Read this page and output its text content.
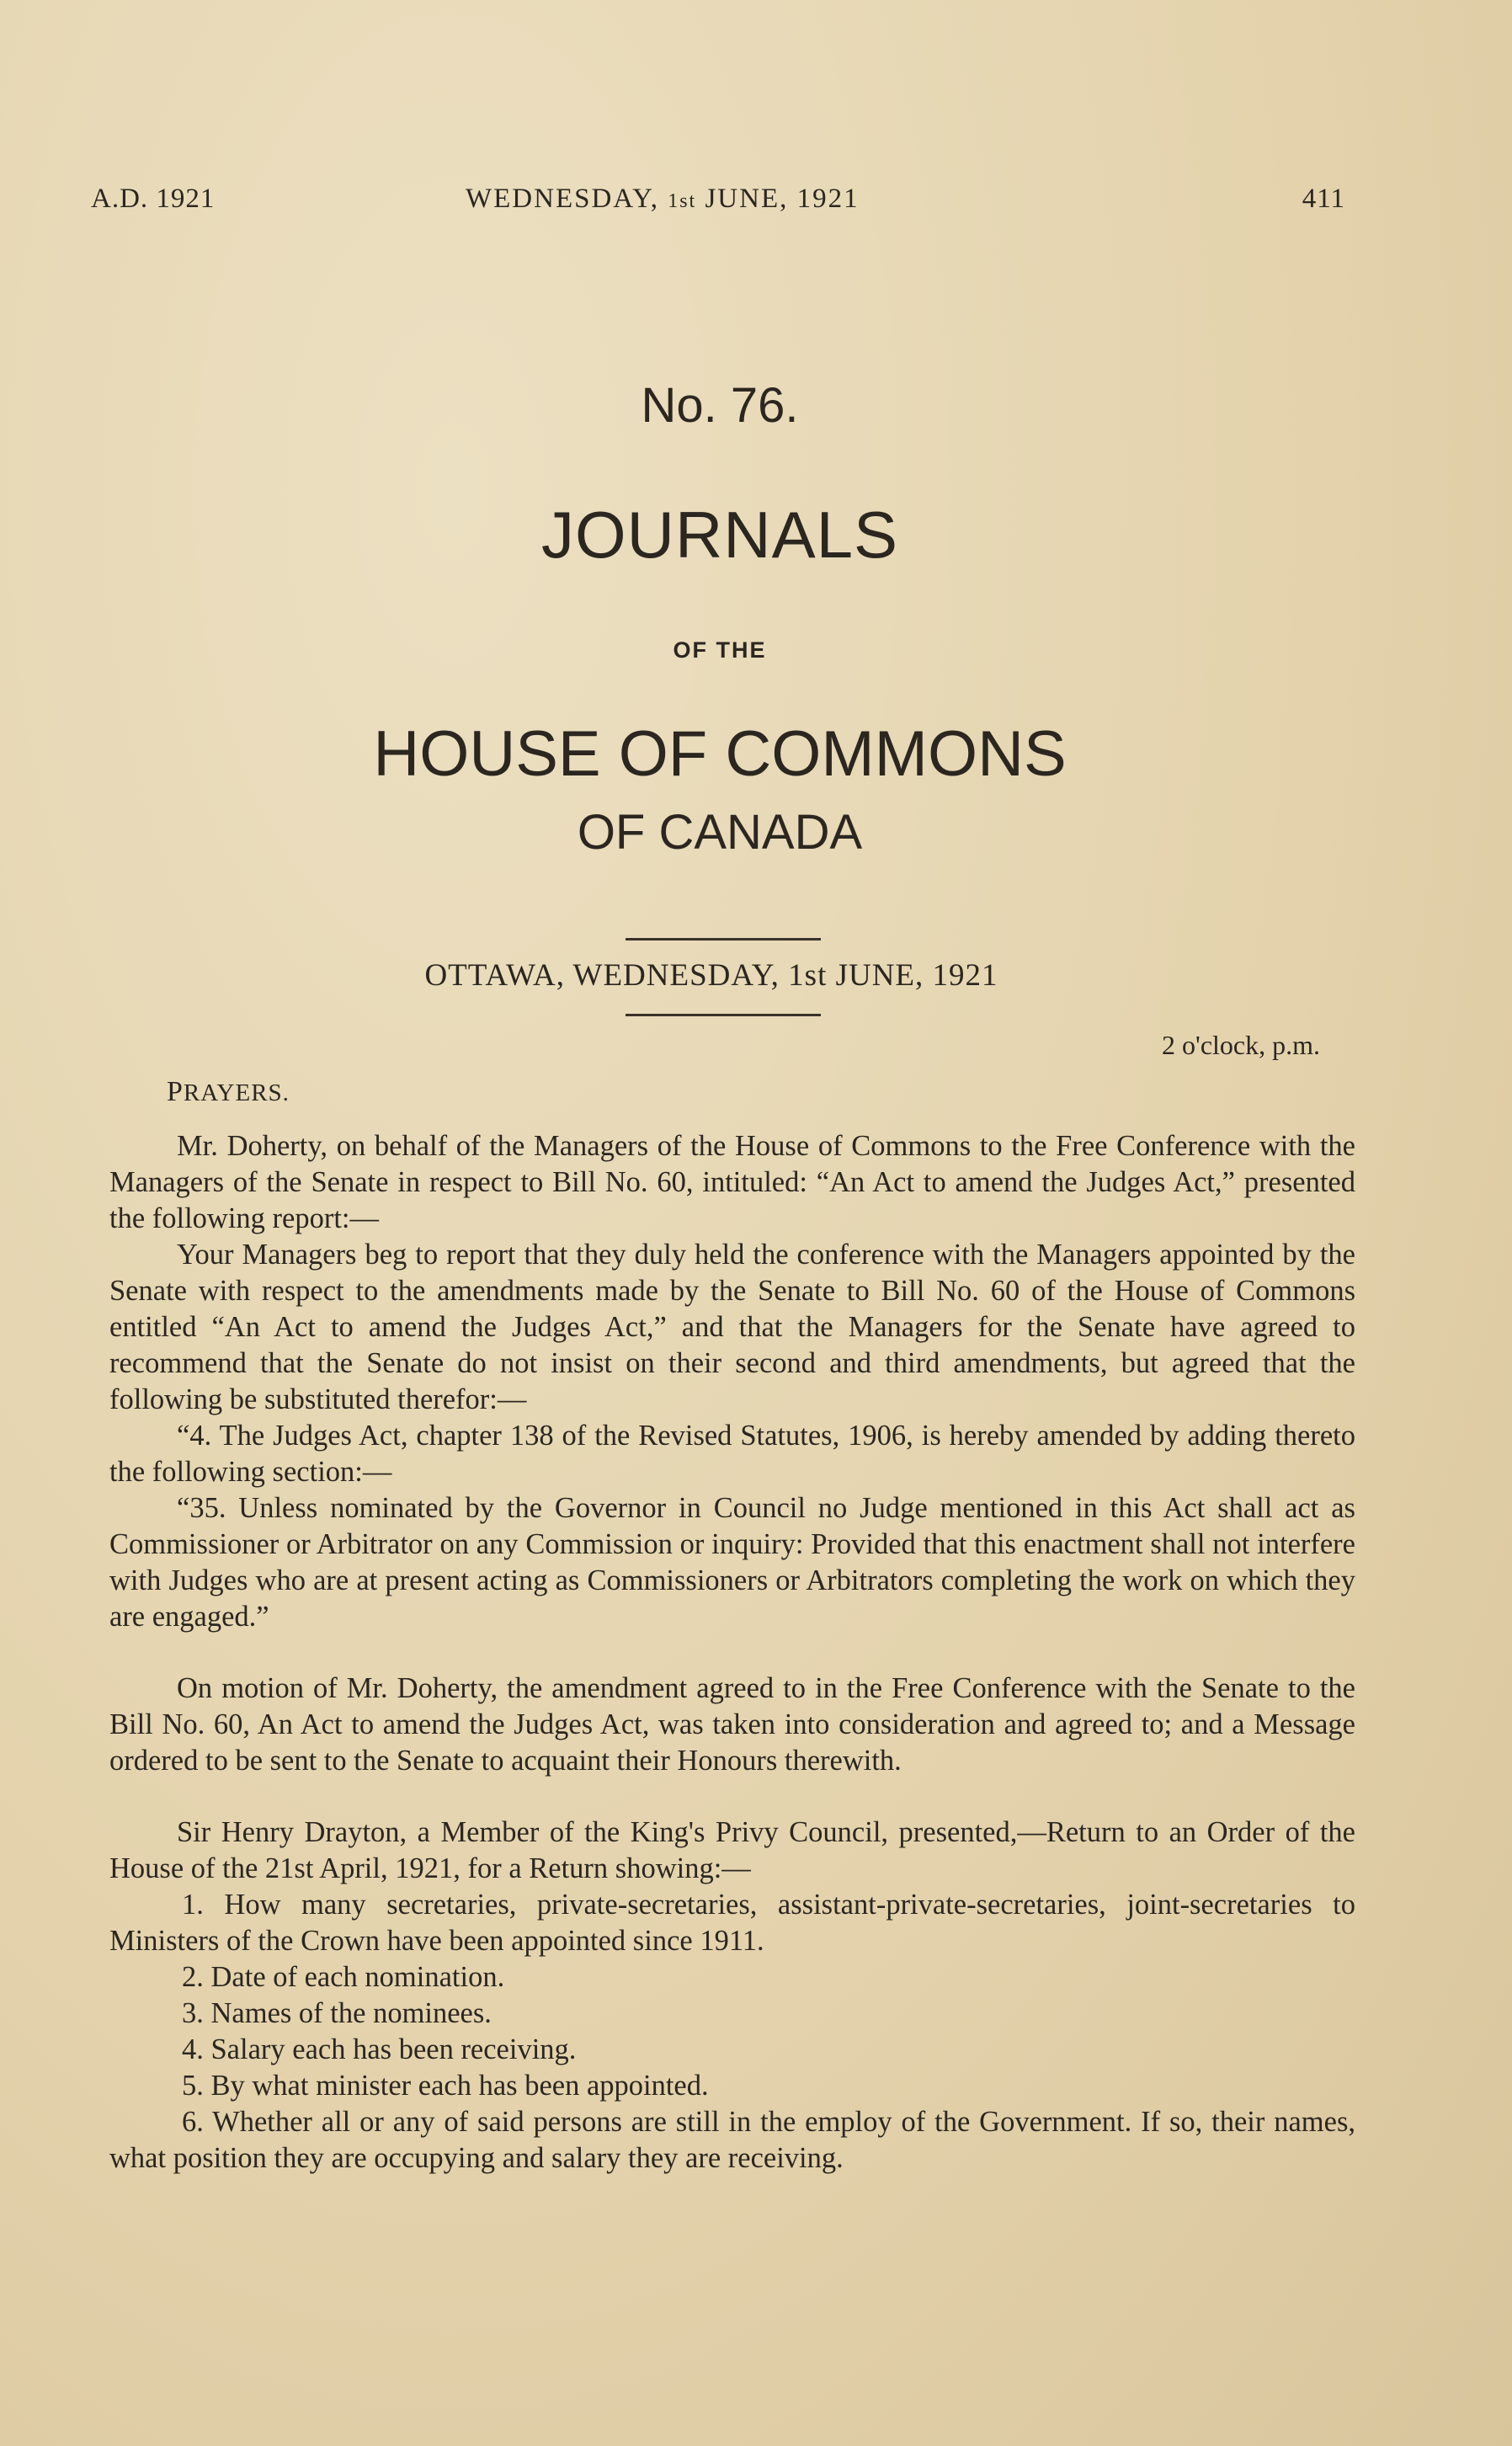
A.D. 1921	WEDNESDAY, 1st JUNE, 1921	411
No. 76.
JOURNALS
OF THE
HOUSE OF COMMONS
OF CANADA
OTTAWA, WEDNESDAY, 1st JUNE, 1921
2 o'clock, p.m.
PRAYERS.

Mr. Doherty, on behalf of the Managers of the House of Commons to the Free Conference with the Managers of the Senate in respect to Bill No. 60, intituled: “An Act to amend the Judges Act,” presented the following report:—

Your Managers beg to report that they duly held the conference with the Managers appointed by the Senate with respect to the amendments made by the Senate to Bill No. 60 of the House of Commons entitled “An Act to amend the Judges Act,” and that the Managers for the Senate have agreed to recommend that the Senate do not insist on their second and third amendments, but agreed that the following be substituted therefor:—

“4. The Judges Act, chapter 138 of the Revised Statutes, 1906, is hereby amended by adding thereto the following section:—

“35. Unless nominated by the Governor in Council no Judge mentioned in this Act shall act as Commissioner or Arbitrator on any Commission or inquiry: Provided that this enactment shall not interfere with Judges who are at present acting as Commissioners or Arbitrators completing the work on which they are engaged.”

On motion of Mr. Doherty, the amendment agreed to in the Free Conference with the Senate to the Bill No. 60, An Act to amend the Judges Act, was taken into consideration and agreed to; and a Message ordered to be sent to the Senate to acquaint their Honours therewith.

Sir Henry Drayton, a Member of the King's Privy Council, presented,—Return to an Order of the House of the 21st April, 1921, for a Return showing:—

1. How many secretaries, private-secretaries, assistant-private-secretaries, joint-secretaries to Ministers of the Crown have been appointed since 1911.

2. Date of each nomination.

3. Names of the nominees.

4. Salary each has been receiving.

5. By what minister each has been appointed.

6. Whether all or any of said persons are still in the employ of the Government. If so, their names, what position they are occupying and salary they are receiving.
